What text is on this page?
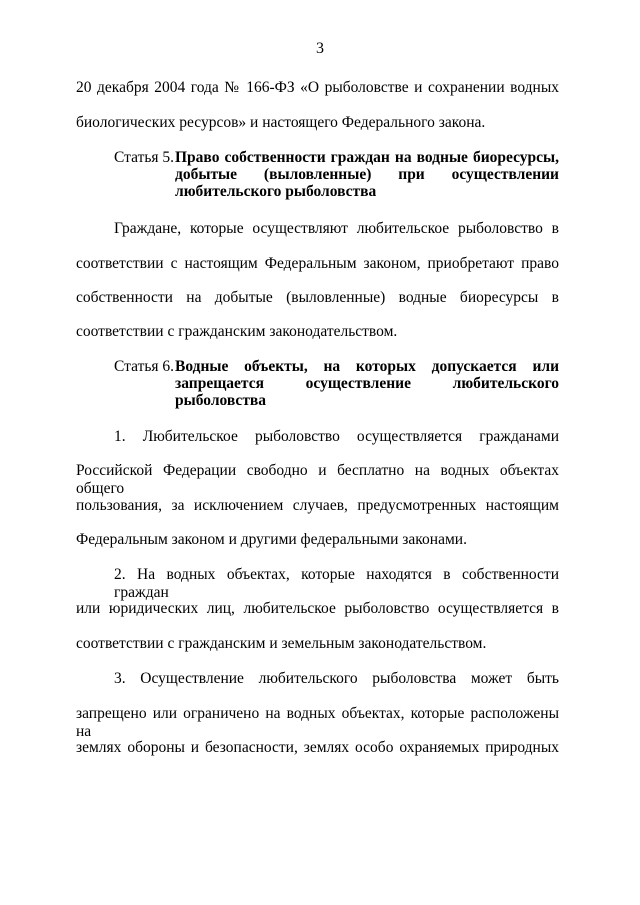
3
20 декабря 2004 года № 166-ФЗ «О рыболовстве и сохранении водных
биологических ресурсов» и настоящего Федерального закона.
Статья 5. Право собственности граждан на водные биоресурсы,
добытые (выловленные) при осуществлении
любительского рыболовства
Граждане, которые осуществляют любительское рыболовство в
соответствии с настоящим Федеральным законом, приобретают право
собственности на добытые (выловленные) водные биоресурсы в
соответствии с гражданским законодательством.
Статья 6. Водные объекты, на которых допускается или
запрещается осуществление любительского
рыболовства
1. Любительское рыболовство осуществляется гражданами
Российской Федерации свободно и бесплатно на водных объектах общего
пользования, за исключением случаев, предусмотренных настоящим
Федеральным законом и другими федеральными законами.
2. На водных объектах, которые находятся в собственности граждан
или юридических лиц, любительское рыболовство осуществляется в
соответствии с гражданским и земельным законодательством.
3. Осуществление любительского рыболовства может быть
запрещено или ограничено на водных объектах, которые расположены на
землях обороны и безопасности, землях особо охраняемых природных
